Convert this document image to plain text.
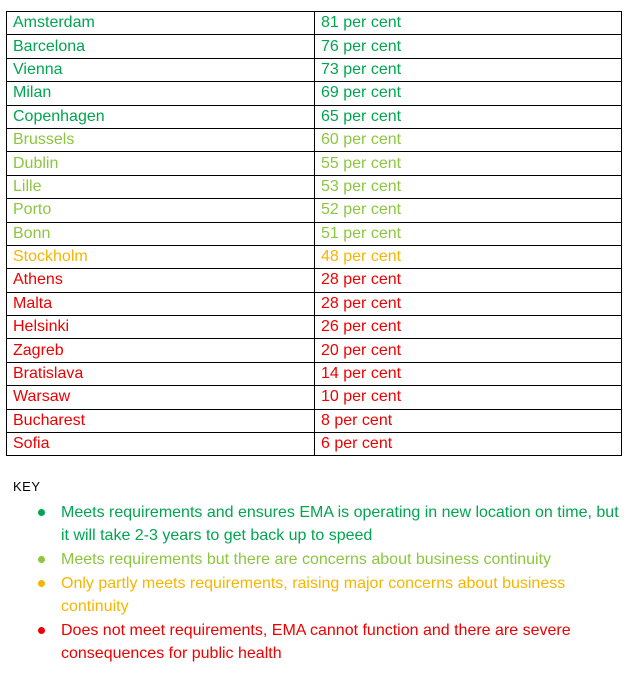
Amsterdam	81 per cent
Barcelona	76 per cent
Vienna	73 per cent
Milan	69 per cent
Copenhagen	65 per cent
Brussels	60 per cent
Dublin	55 per cent
Lille	53 per cent
Porto	52 per cent
Bonn	51 per cent
Stockholm	48 per cent
Athens	28 per cent
Malta	28 per cent
Helsinki	26 per cent
Zagreb	20 per cent
Bratislava	14 per cent
Warsaw	10 per cent
Bucharest	8 per cent
Sofia	6 per cent
KEY
Meets requirements and ensures EMA is operating in new location on time, but it will take 2-3 years to get back up to speed
Meets requirements but there are concerns about business continuity
Only partly meets requirements, raising major concerns about business continuity
Does not meet requirements, EMA cannot function and there are severe consequences for public health
